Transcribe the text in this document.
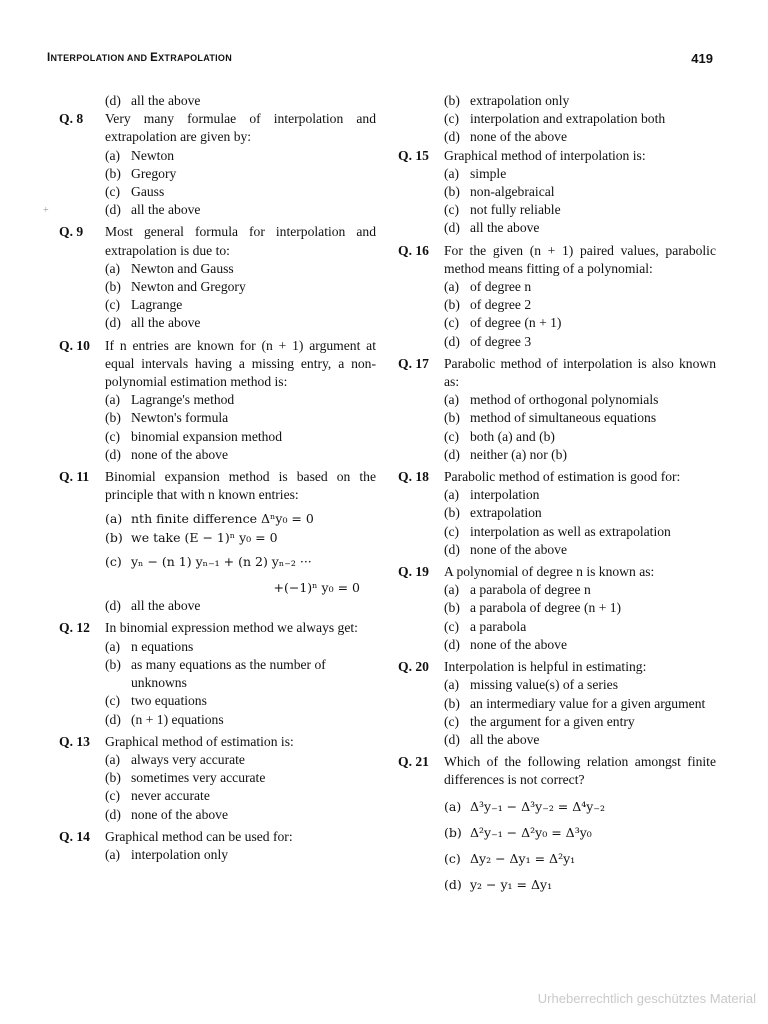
INTERPOLATION AND EXTRAPOLATION	419
+
(d) all the above
Q. 8 Very many formulae of interpolation and extrapolation are given by:
(a) Newton
(b) Gregory
(c) Gauss
(d) all the above
Q. 9 Most general formula for interpolation and extrapolation is due to:
(a) Newton and Gauss
(b) Newton and Gregory
(c) Lagrange
(d) all the above
Q. 10 If n entries are known for (n + 1) argument at equal intervals having a missing entry, a non-polynomial estimation method is:
(a) Lagrange's method
(b) Newton's formula
(c) binomial expansion method
(d) none of the above
Q. 11 Binomial expansion method is based on the principle that with n known entries:
(a) nth finite difference Δⁿy₀ = 0
(b) we take (E − 1)ⁿ y₀ = 0
(c) yₙ − (n 1) yₙ₋₁ + (n 2) yₙ₋₂ ···
+(−1)ⁿ y₀ = 0
(d) all the above
Q. 12 In binomial expression method we always get:
(a) n equations
(b) as many equations as the number of unknowns
(c) two equations
(d) (n + 1) equations
Q. 13 Graphical method of estimation is:
(a) always very accurate
(b) sometimes very accurate
(c) never accurate
(d) none of the above
Q. 14 Graphical method can be used for:
(a) interpolation only
(b) extrapolation only
(c) interpolation and extrapolation both
(d) none of the above
Q. 15 Graphical method of interpolation is:
(a) simple
(b) non-algebraical
(c) not fully reliable
(d) all the above
Q. 16 For the given (n + 1) paired values, parabolic method means fitting of a polynomial:
(a) of degree n
(b) of degree 2
(c) of degree (n + 1)
(d) of degree 3
Q. 17 Parabolic method of interpolation is also known as:
(a) method of orthogonal polynomials
(b) method of simultaneous equations
(c) both (a) and (b)
(d) neither (a) nor (b)
Q. 18 Parabolic method of estimation is good for:
(a) interpolation
(b) extrapolation
(c) interpolation as well as extrapolation
(d) none of the above
Q. 19 A polynomial of degree n is known as:
(a) a parabola of degree n
(b) a parabola of degree (n + 1)
(c) a parabola
(d) none of the above
Q. 20 Interpolation is helpful in estimating:
(a) missing value(s) of a series
(b) an intermediary value for a given argument
(c) the argument for a given entry
(d) all the above
Q. 21 Which of the following relation amongst finite differences is not correct?
(a) Δ³y₋₁ − Δ³y₋₂ = Δ⁴y₋₂
(b) Δ²y₋₁ − Δ²y₀ = Δ³y₀
(c) Δy₂ − Δy₁ = Δ²y₁
(d) y₂ − y₁ = Δy₁
Urheberrechtlich geschütztes Material
